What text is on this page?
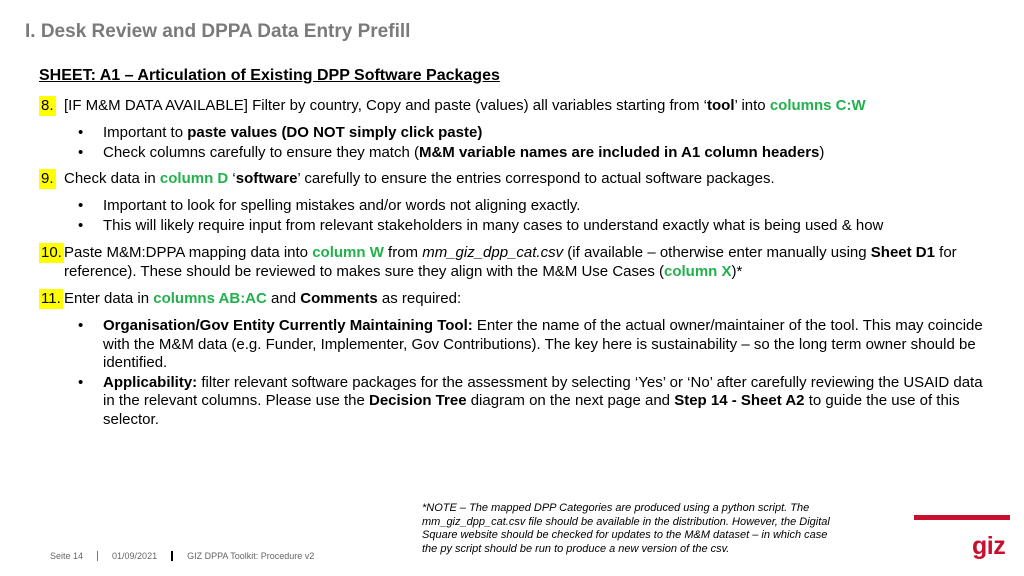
I. Desk Review and DPPA Data Entry Prefill
SHEET: A1 – Articulation of Existing DPP Software Packages
8. [IF M&M DATA AVAILABLE] Filter by country, Copy and paste (values) all variables starting from ‘tool’ into columns C:W
• Important to paste values (DO NOT simply click paste)
• Check columns carefully to ensure they match (M&M variable names are included in A1 column headers)
9. Check data in column D ‘software’ carefully to ensure the entries correspond to actual software packages.
• Important to look for spelling mistakes and/or words not aligning exactly.
• This will likely require input from relevant stakeholders in many cases to understand exactly what is being used & how
10. Paste M&M:DPPA mapping data into column W from mm_giz_dpp_cat.csv (if available – otherwise enter manually using Sheet D1 for reference). These should be reviewed to makes sure they align with the M&M Use Cases (column X)*
11. Enter data in columns AB:AC and Comments as required:
• Organisation/Gov Entity Currently Maintaining Tool: Enter the name of the actual owner/maintainer of the tool. This may coincide with the M&M data (e.g. Funder, Implementer, Gov Contributions). The key here is sustainability – so the long term owner should be identified.
• Applicability: filter relevant software packages for the assessment by selecting ‘Yes’ or ‘No’ after carefully reviewing the USAID data in the relevant columns. Please use the Decision Tree diagram on the next page and Step 14 - Sheet A2 to guide the use of this selector.
*NOTE – The mapped DPP Categories are produced using a python script. The mm_giz_dpp_cat.csv file should be available in the distribution. However, the Digital Square website should be checked for updates to the M&M dataset – in which case the py script should be run to produce a new version of the csv.
Seite 14	01/09/2021	GIZ DPPA Toolkit: Procedure v2	giz
